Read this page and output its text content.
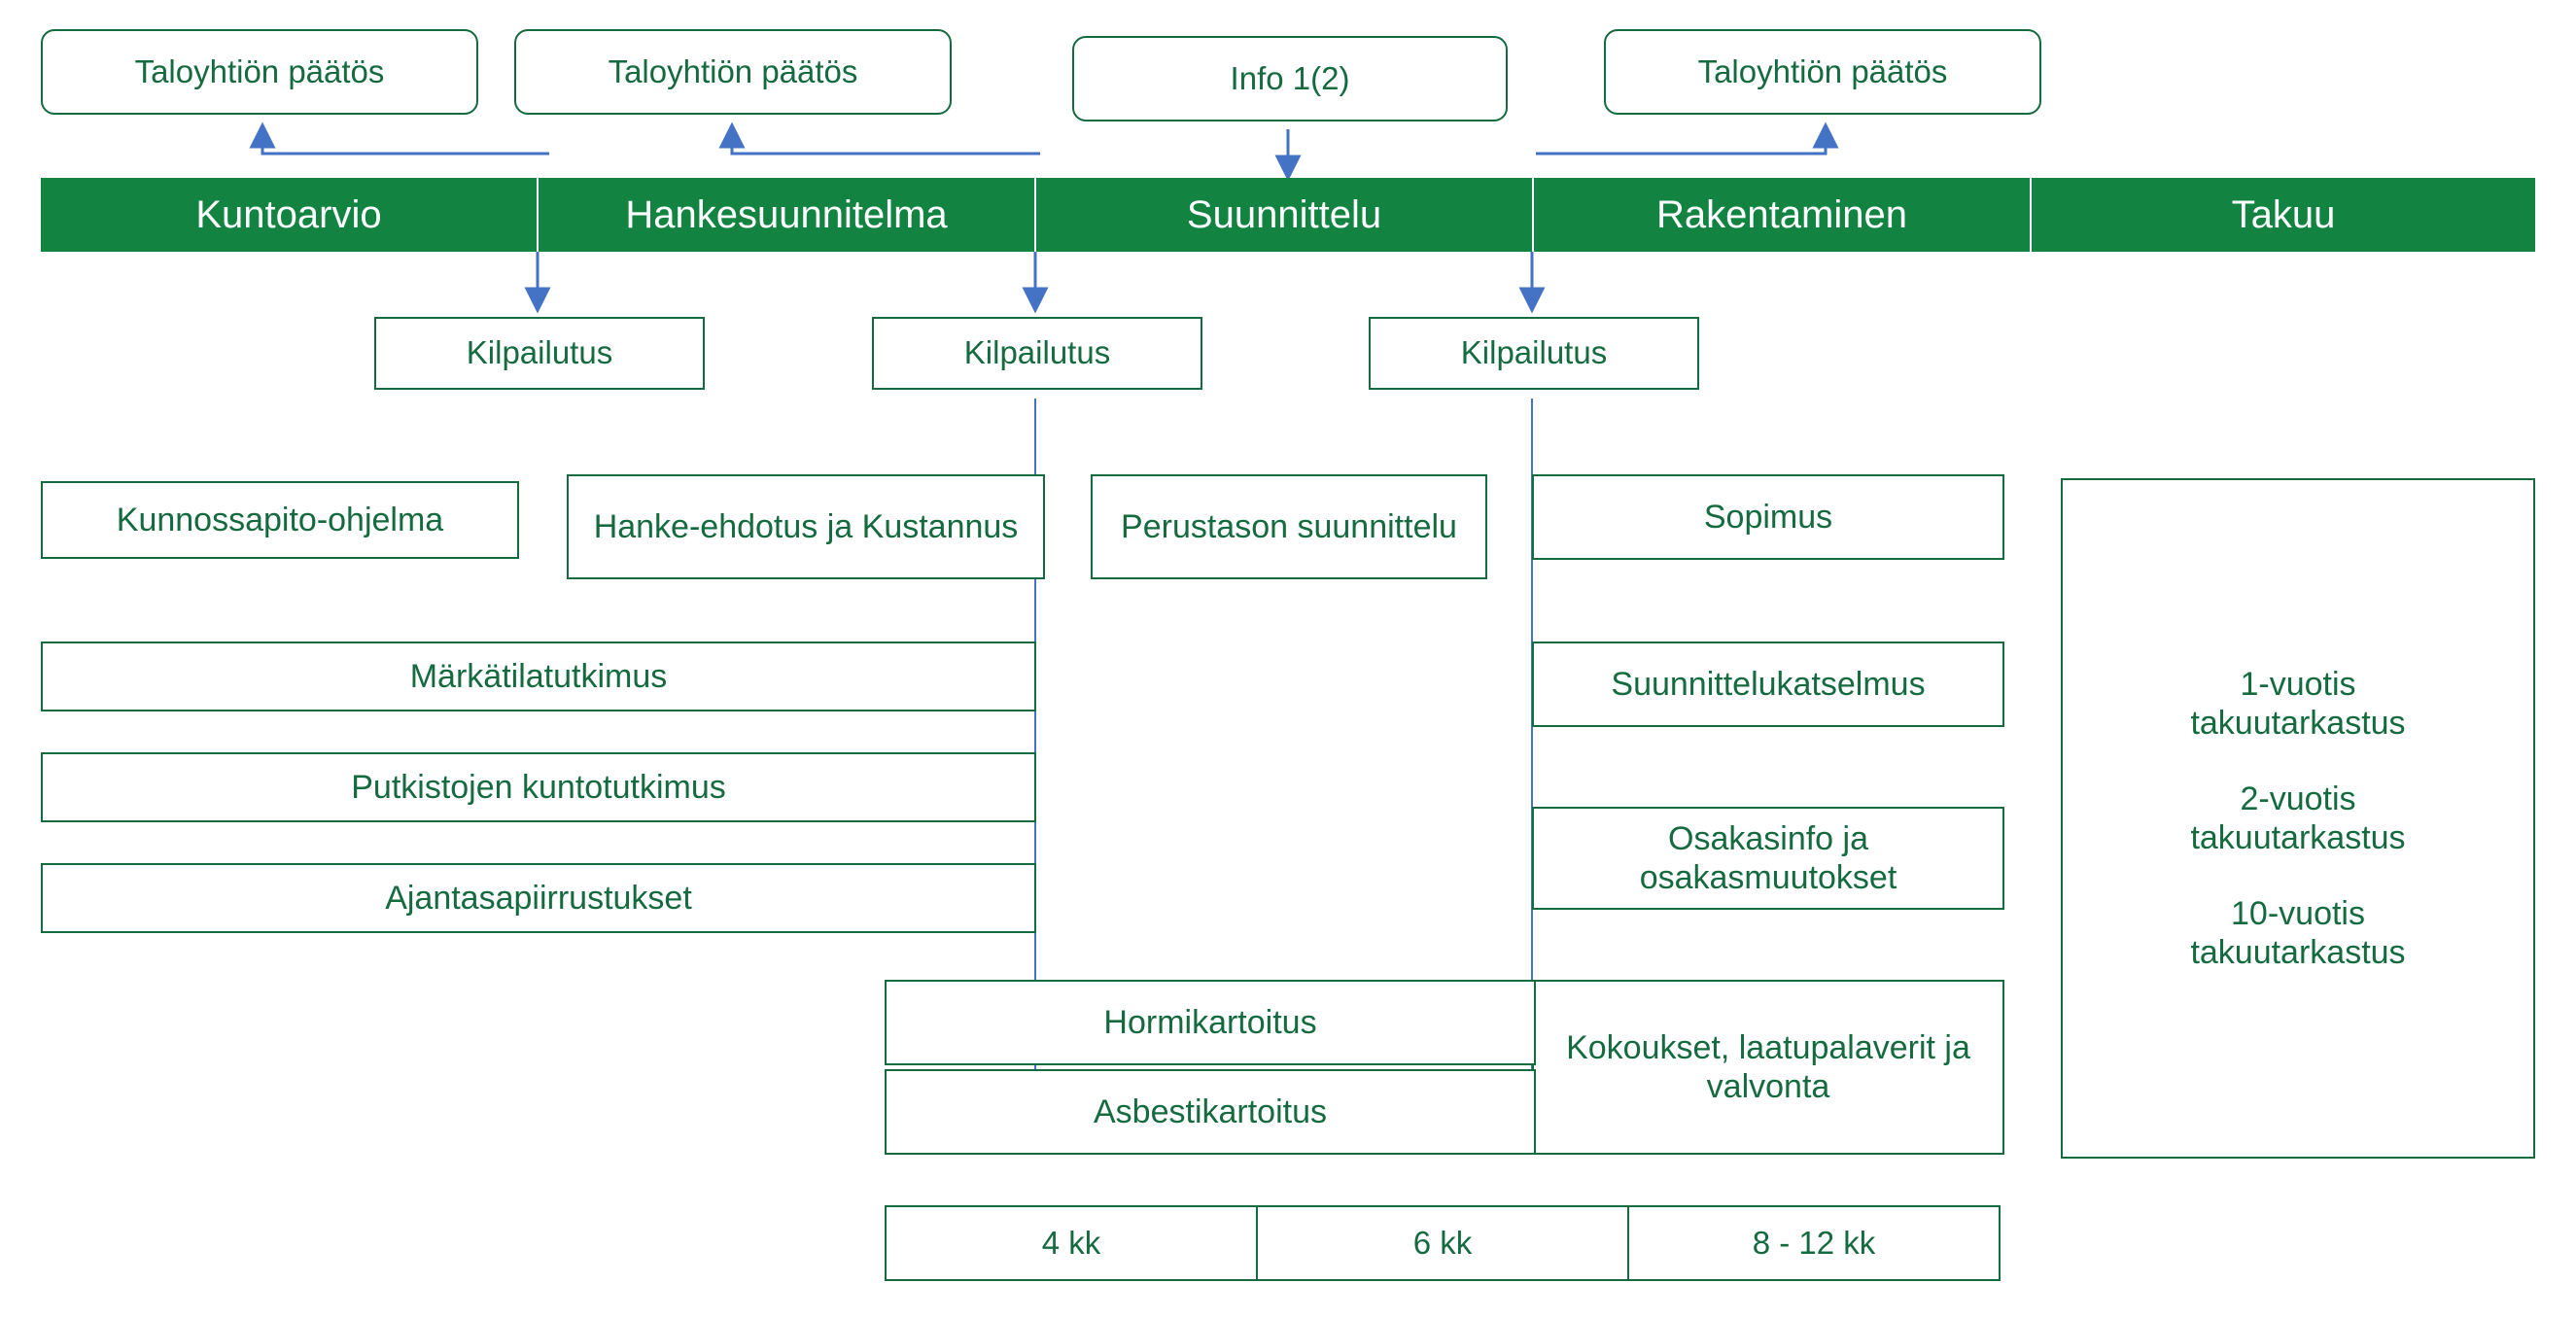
Taloyhtiön päätös	Taloyhtiön päätös	Info 1(2)	Taloyhtiön päätös
Kuntoarvio	Hankesuunnitelma	Suunnittelu	Rakentaminen	Takuu
Kilpailutus	Kilpailutus	Kilpailutus
Kunnossapito-ohjelma
Märkätilatutkimus
Putkistojen kuntotutkimus
Ajantasapiirrustukset
Hanke-ehdotus ja Kustannus	Perustason suunnittelu	Sopimus
Suunnittelukatselmus
Osakasinfo ja osakasmuutokset
Kokoukset, laatupalaverit ja valvonta
Hormikartoitus
Asbestikartoitus
1-vuotis
takuutarkastus
2-vuotis
takuutarkastus
10-vuotis
takuutarkastus
4 kk	6 kk	8 - 12 kk
